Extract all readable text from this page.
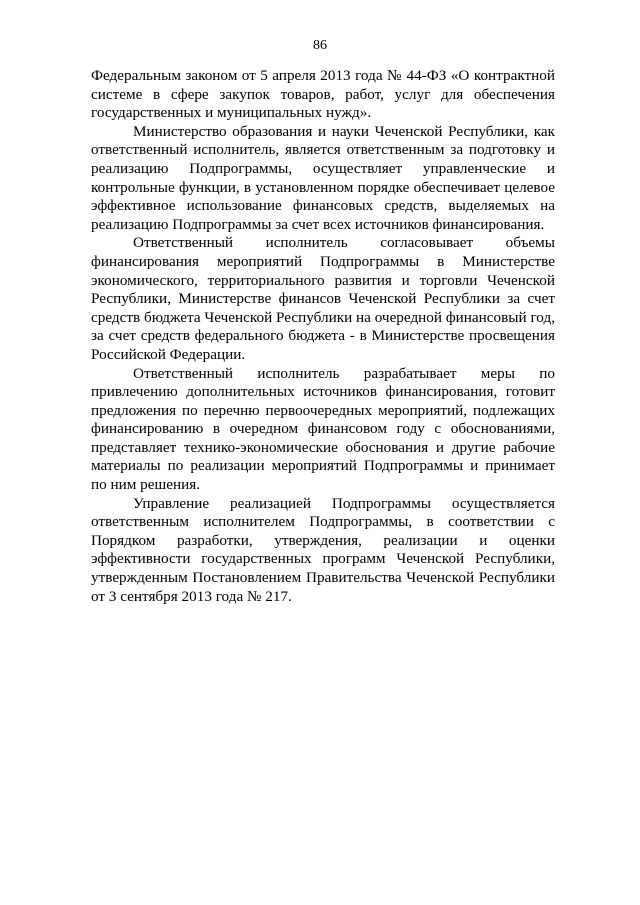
86

Федеральным законом от 5 апреля 2013 года № 44-ФЗ «О контрактной системе в сфере закупок товаров, работ, услуг для обеспечения государственных и муниципальных нужд».

Министерство образования и науки Чеченской Республики, как ответственный исполнитель, является ответственным за подготовку и реализацию Подпрограммы, осуществляет управленческие и контрольные функции, в установленном порядке обеспечивает целевое эффективное использование финансовых средств, выделяемых на реализацию Подпрограммы за счет всех источников финансирования.

Ответственный исполнитель согласовывает объемы финансирования мероприятий Подпрограммы в Министерстве экономического, территориального развития и торговли Чеченской Республики, Министерстве финансов Чеченской Республики за счет средств бюджета Чеченской Республики на очередной финансовый год, за счет средств федерального бюджета - в Министерстве просвещения Российской Федерации.

Ответственный исполнитель разрабатывает меры по привлечению дополнительных источников финансирования, готовит предложения по перечню первоочередных мероприятий, подлежащих финансированию в очередном финансовом году с обоснованиями, представляет технико-экономические обоснования и другие рабочие материалы по реализации мероприятий Подпрограммы и принимает по ним решения.

Управление реализацией Подпрограммы осуществляется ответственным исполнителем Подпрограммы, в соответствии с Порядком разработки, утверждения, реализации и оценки эффективности государственных программ Чеченской Республики, утвержденным Постановлением Правительства Чеченской Республики от 3 сентября 2013 года № 217.
